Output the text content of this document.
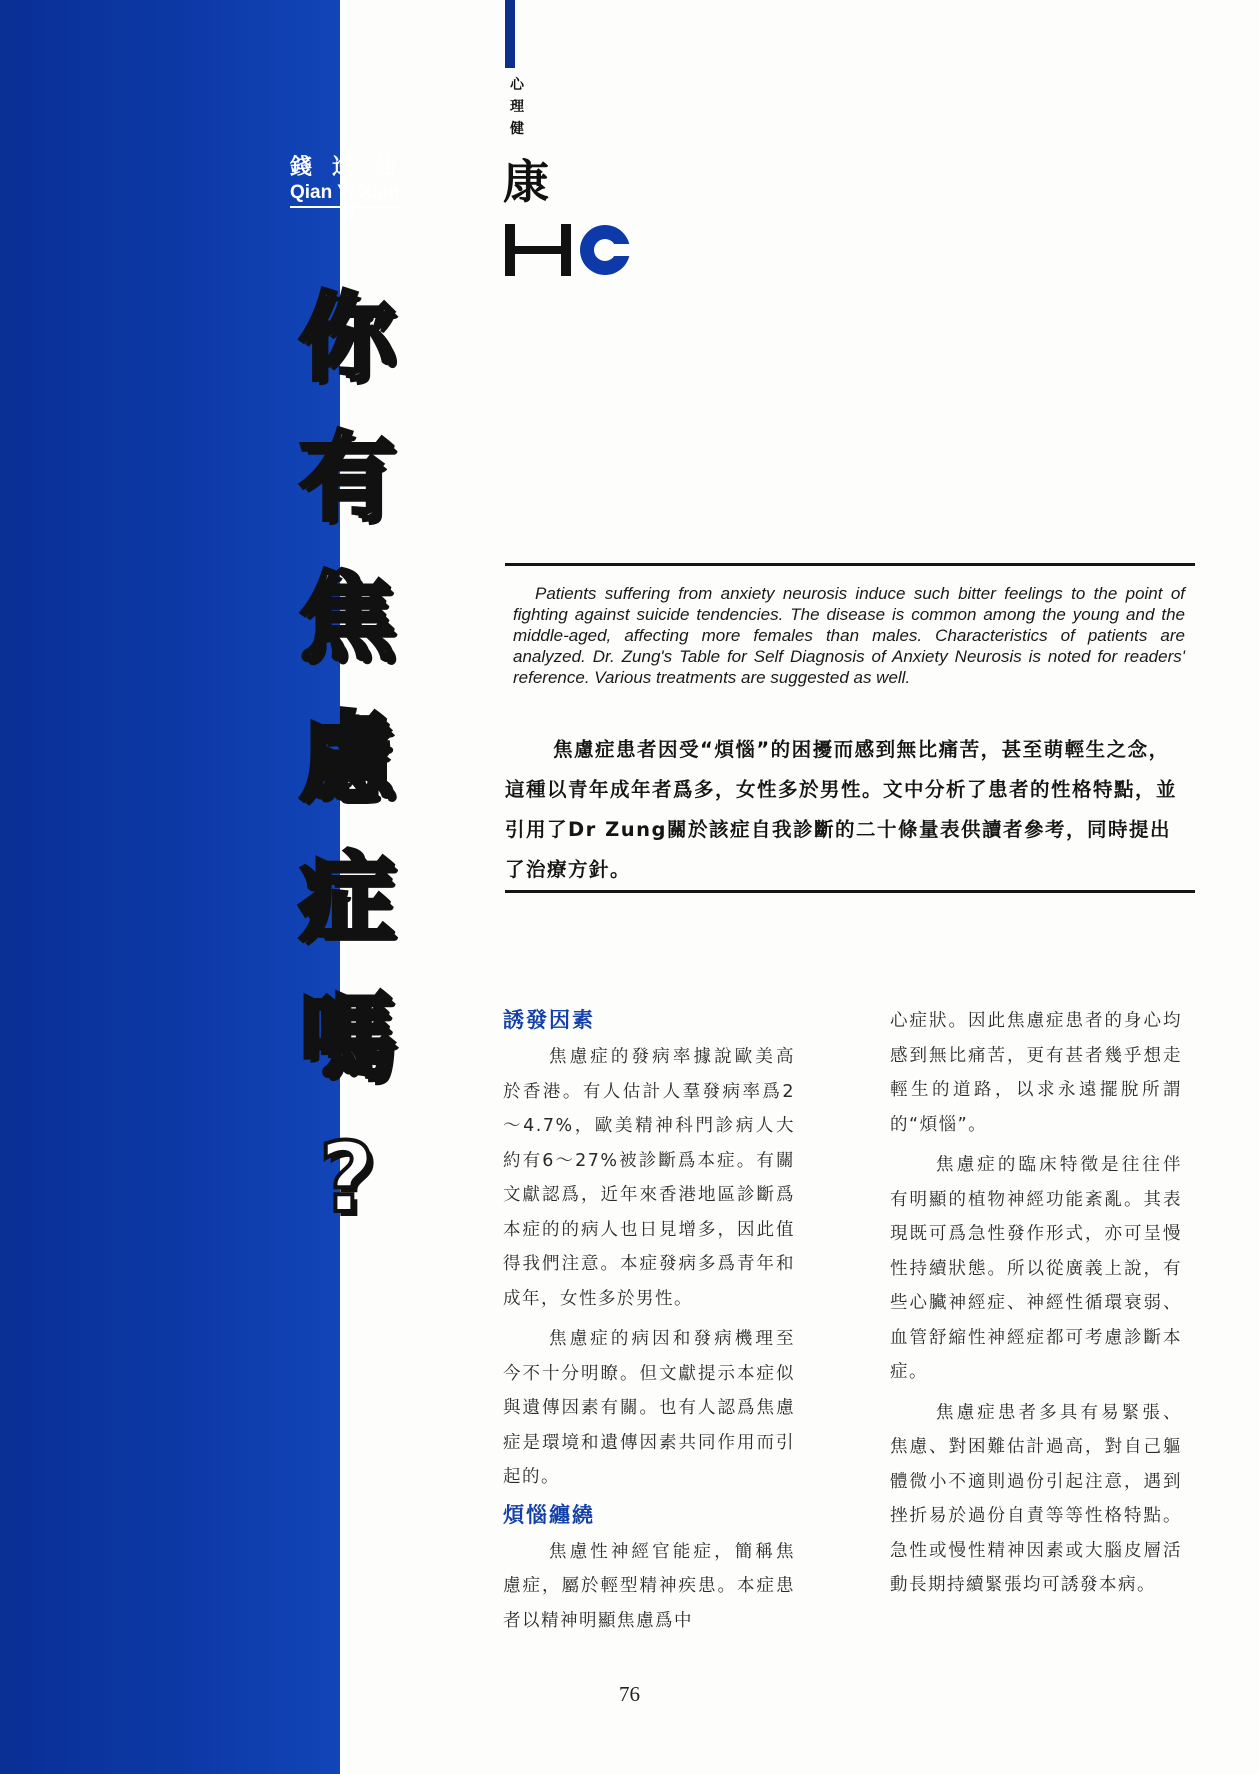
錢逸仙
Qian Yi Xian
你
有
焦
慮
症
嗎
?
心
理
健
康

Patients suffering from anxiety neurosis induce such bitter feelings to the point of fighting against suicide tendencies. The disease is common among the young and the middle-aged, affecting more females than males. Characteristics of patients are analyzed. Dr. Zung's Table for Self Diagnosis of Anxiety Neurosis is noted for readers' reference. Various treatments are suggested as well.

焦慮症患者因受“煩惱”的困擾而感到無比痛苦，甚至萌輕生之念，這種以青年成年者爲多，女性多於男性。文中分析了患者的性格特點，並引用了Dr Zung關於該症自我診斷的二十條量表供讀者參考，同時提出了治療方針。

誘發因素

焦慮症的發病率據說歐美高於香港。有人估計人羣發病率爲2～4.7%，歐美精神科門診病人大約有6～27%被診斷爲本症。有關文獻認爲，近年來香港地區診斷爲本症的的病人也日見增多，因此值得我們注意。本症發病多爲青年和成年，女性多於男性。

焦慮症的病因和發病機理至今不十分明瞭。但文獻提示本症似與遺傳因素有關。也有人認爲焦慮症是環境和遺傳因素共同作用而引起的。

煩惱纏繞

焦慮性神經官能症，簡稱焦慮症，屬於輕型精神疾患。本症患者以精神明顯焦慮爲中

心症狀。因此焦慮症患者的身心均感到無比痛苦，更有甚者幾乎想走輕生的道路，以求永遠擺脫所謂的“煩惱”。

焦慮症的臨床特徵是往往伴有明顯的植物神經功能紊亂。其表現既可爲急性發作形式，亦可呈慢性持續狀態。所以從廣義上說，有些心臟神經症、神經性循環衰弱、血管舒縮性神經症都可考慮診斷本症。

焦慮症患者多具有易緊張、焦慮、對困難估計過高，對自己軀體微小不適則過份引起注意，遇到挫折易於過份自責等等性格特點。急性或慢性精神因素或大腦皮層活動長期持續緊張均可誘發本病。

76
